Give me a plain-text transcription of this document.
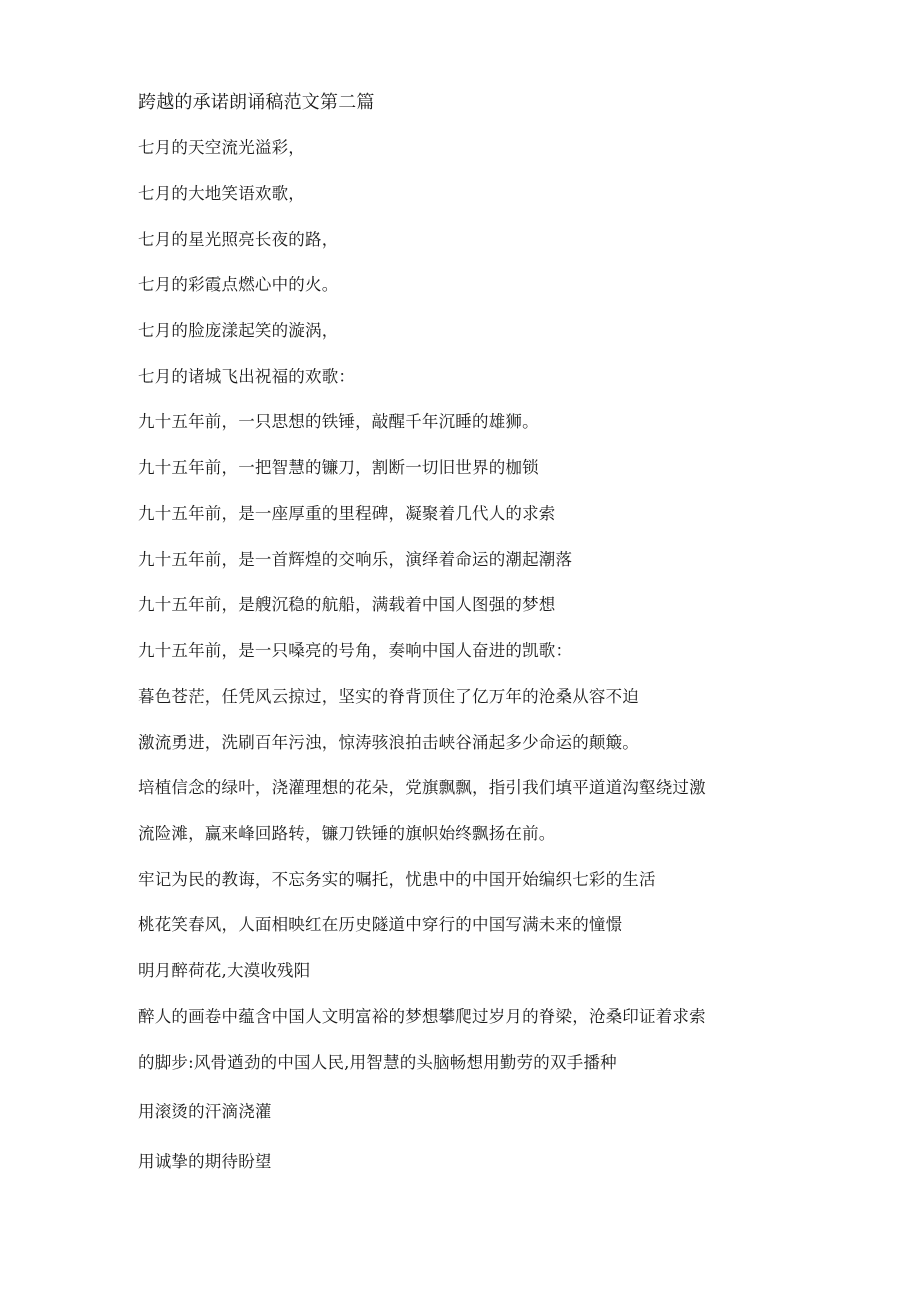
跨越的承诺朗诵稿范文第二篇
七月的天空流光溢彩，
七月的大地笑语欢歌，
七月的星光照亮长夜的路，
七月的彩霞点燃心中的火。
七月的脸庞漾起笑的漩涡，
七月的诸城飞出祝福的欢歌：
九十五年前，一只思想的铁锤，敲醒千年沉睡的雄狮。
九十五年前，一把智慧的镰刀，割断一切旧世界的枷锁
九十五年前，是一座厚重的里程碑，凝聚着几代人的求索
九十五年前，是一首辉煌的交响乐，演绎着命运的潮起潮落
九十五年前，是艘沉稳的航船，满载着中国人图强的梦想
九十五年前，是一只嗓亮的号角，奏响中国人奋进的凯歌：
暮色苍茫，任凭风云掠过，坚实的脊背顶住了亿万年的沧桑从容不迫
激流勇进，洗刷百年污浊，惊涛骇浪拍击峡谷涌起多少命运的颠簸。
培植信念的绿叶，浇灌理想的花朵，党旗飘飘，指引我们填平道道沟壑绕过激
流险滩，赢来峰回路转，镰刀铁锤的旗帜始终飘扬在前。
牢记为民的教诲，不忘务实的嘱托，忧患中的中国开始编织七彩的生活
桃花笑春风，人面相映红在历史隧道中穿行的中国写满未来的憧憬
明月醉荷花,大漠收残阳
醉人的画卷中蕴含中国人文明富裕的梦想攀爬过岁月的脊梁，沧桑印证着求索
的脚步:风骨遒劲的中国人民,用智慧的头脑畅想用勤劳的双手播种
用滚烫的汗滴浇灌
用诚挚的期待盼望
